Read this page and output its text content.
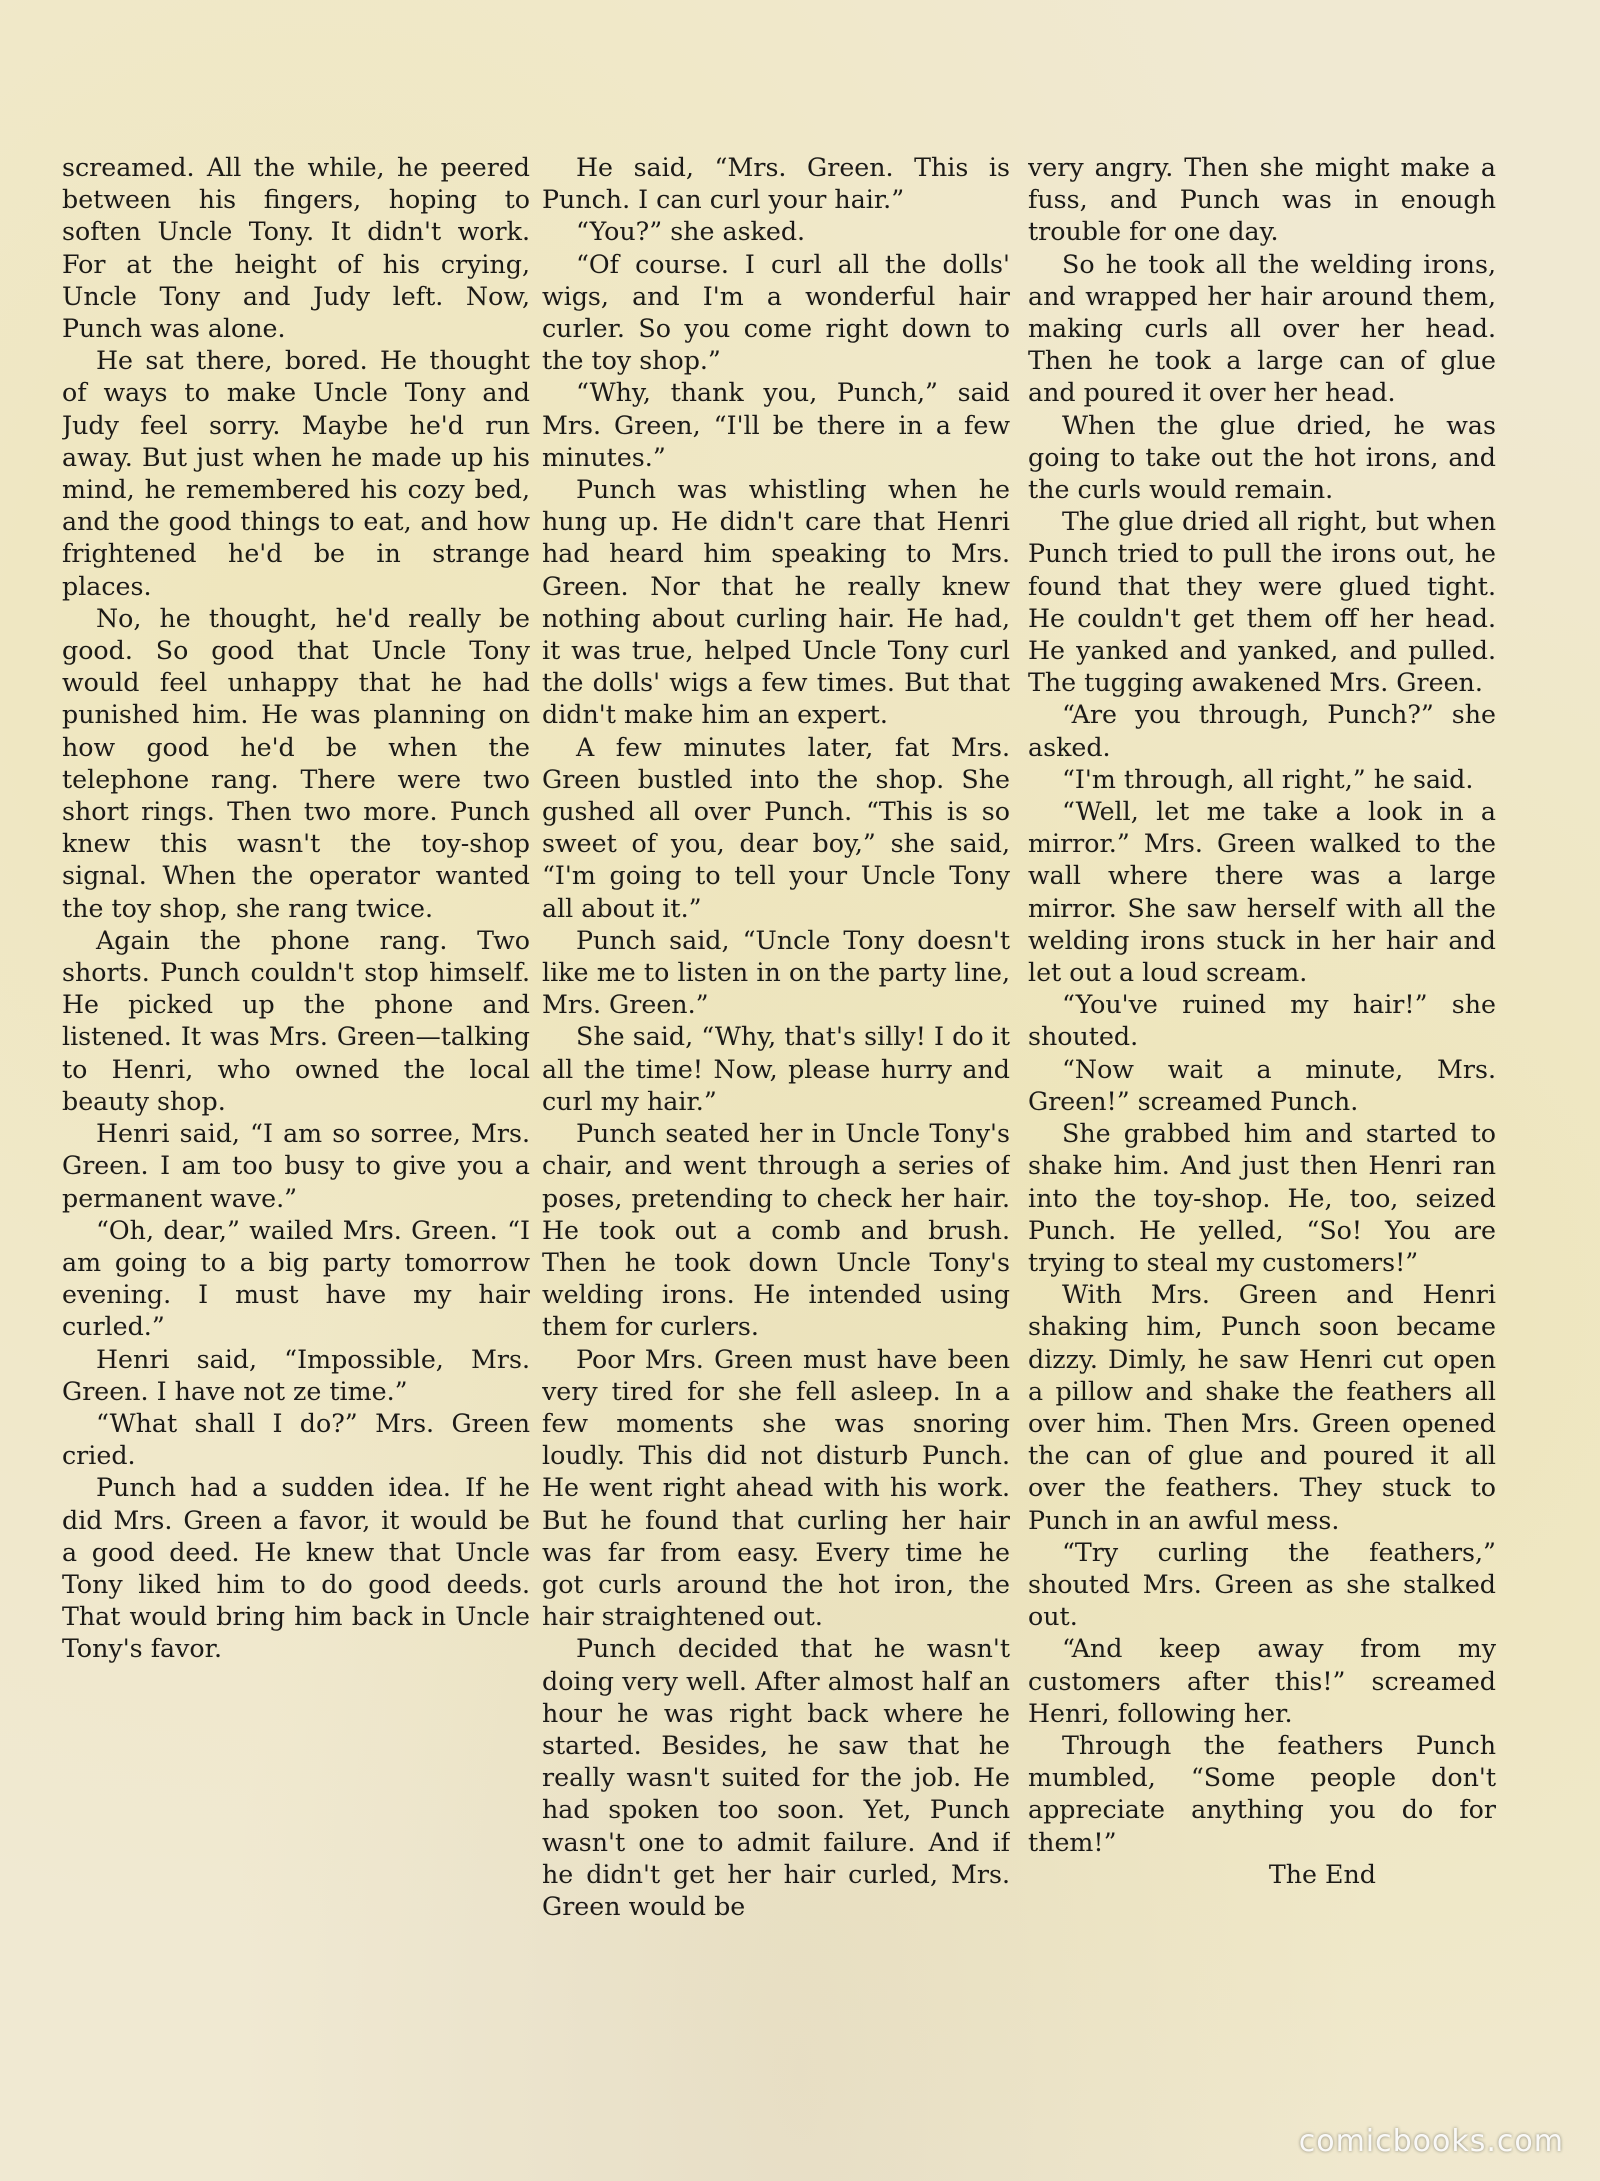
screamed. All the while, he peered between his fingers, hoping to soften Uncle Tony. It didn't work. For at the height of his crying, Uncle Tony and Judy left. Now, Punch was alone.

He sat there, bored. He thought of ways to make Uncle Tony and Judy feel sorry. Maybe he'd run away. But just when he made up his mind, he remembered his cozy bed, and the good things to eat, and how frightened he'd be in strange places.

No, he thought, he'd really be good. So good that Uncle Tony would feel unhappy that he had punished him. He was planning on how good he'd be when the telephone rang. There were two short rings. Then two more. Punch knew this wasn't the toy-shop signal. When the operator wanted the toy shop, she rang twice.

Again the phone rang. Two shorts. Punch couldn't stop himself. He picked up the phone and listened. It was Mrs. Green—talking to Henri, who owned the local beauty shop.

Henri said, “I am so sorree, Mrs. Green. I am too busy to give you a permanent wave.”

“Oh, dear,” wailed Mrs. Green. “I am going to a big party tomorrow evening. I must have my hair curled.”

Henri said, “Impossible, Mrs. Green. I have not ze time.”

“What shall I do?” Mrs. Green cried.

Punch had a sudden idea. If he did Mrs. Green a favor, it would be a good deed. He knew that Uncle Tony liked him to do good deeds. That would bring him back in Uncle Tony's favor.

He said, “Mrs. Green. This is Punch. I can curl your hair.”

“You?” she asked.

“Of course. I curl all the dolls' wigs, and I'm a wonderful hair curler. So you come right down to the toy shop.”

“Why, thank you, Punch,” said Mrs. Green, “I'll be there in a few minutes.”

Punch was whistling when he hung up. He didn't care that Henri had heard him speaking to Mrs. Green. Nor that he really knew nothing about curling hair. He had, it was true, helped Uncle Tony curl the dolls' wigs a few times. But that didn't make him an expert.

A few minutes later, fat Mrs. Green bustled into the shop. She gushed all over Punch. “This is so sweet of you, dear boy,” she said, “I'm going to tell your Uncle Tony all about it.”

Punch said, “Uncle Tony doesn't like me to listen in on the party line, Mrs. Green.”

She said, “Why, that's silly! I do it all the time! Now, please hurry and curl my hair.”

Punch seated her in Uncle Tony's chair, and went through a series of poses, pretending to check her hair. He took out a comb and brush. Then he took down Uncle Tony's welding irons. He intended using them for curlers.

Poor Mrs. Green must have been very tired for she fell asleep. In a few moments she was snoring loudly. This did not disturb Punch. He went right ahead with his work. But he found that curling her hair was far from easy. Every time he got curls around the hot iron, the hair straightened out.

Punch decided that he wasn't doing very well. After almost half an hour he was right back where he started. Besides, he saw that he really wasn't suited for the job. He had spoken too soon. Yet, Punch wasn't one to admit failure. And if he didn't get her hair curled, Mrs. Green would be

very angry. Then she might make a fuss, and Punch was in enough trouble for one day.

So he took all the welding irons, and wrapped her hair around them, making curls all over her head. Then he took a large can of glue and poured it over her head.

When the glue dried, he was going to take out the hot irons, and the curls would remain.

The glue dried all right, but when Punch tried to pull the irons out, he found that they were glued tight. He couldn't get them off her head. He yanked and yanked, and pulled. The tugging awakened Mrs. Green.

“Are you through, Punch?” she asked.

“I'm through, all right,” he said.

“Well, let me take a look in a mirror.” Mrs. Green walked to the wall where there was a large mirror. She saw herself with all the welding irons stuck in her hair and let out a loud scream.

“You've ruined my hair!” she shouted.

“Now wait a minute, Mrs. Green!” screamed Punch.

She grabbed him and started to shake him. And just then Henri ran into the toy-shop. He, too, seized Punch. He yelled, “So! You are trying to steal my customers!”

With Mrs. Green and Henri shaking him, Punch soon became dizzy. Dimly, he saw Henri cut open a pillow and shake the feathers all over him. Then Mrs. Green opened the can of glue and poured it all over the feathers. They stuck to Punch in an awful mess.

“Try curling the feathers,” shouted Mrs. Green as she stalked out.

“And keep away from my customers after this!” screamed Henri, following her.

Through the feathers Punch mumbled, “Some people don't appreciate anything you do for them!”

The End

comicbooks.com
